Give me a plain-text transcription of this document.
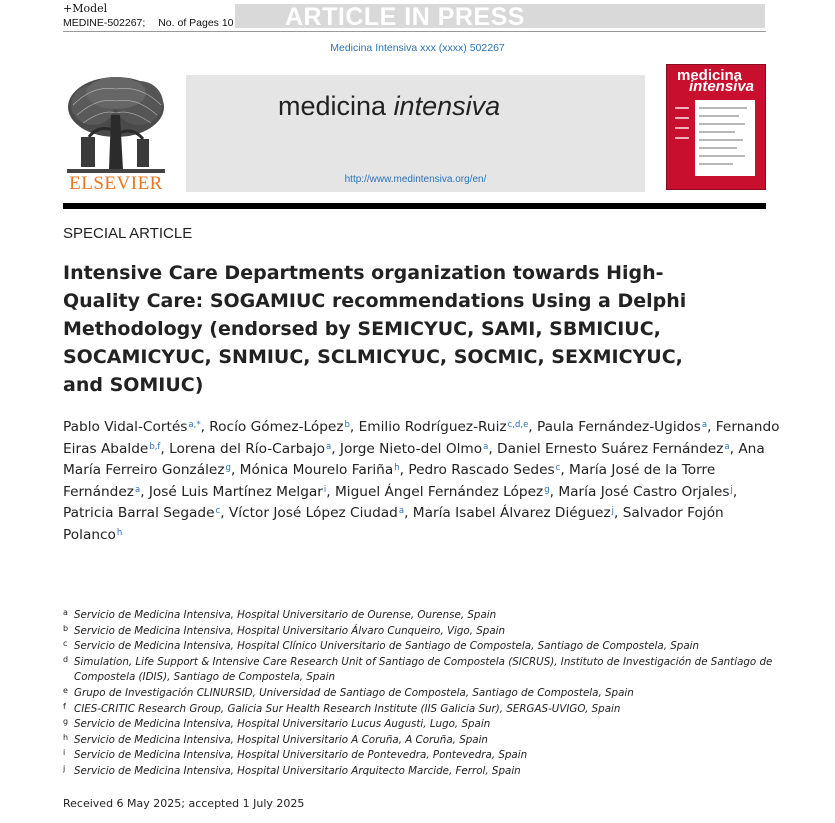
+Model	ARTICLE IN PRESS
MEDINE-502267; No. of Pages 10
Medicina Intensiva xxx (xxxx) 502267
ELSEVIER
medicina intensiva
http://www.medintensiva.org/en/
medicina
intensiva
SPECIAL ARTICLE
Intensive Care Departments organization towards High-Quality Care: SOGAMIUC recommendations Using a Delphi Methodology (endorsed by SEMICYUC, SAMI, SBMICIUC, SOCAMICYUC, SNMIUC, SCLMICYUC, SOCMIC, SEXMICYUC, and SOMIUC)

Pablo Vidal-Cortés$^{a,*}$, Rocío Gómez-López$^b$, Emilio Rodríguez-Ruiz$^{c,d,e}$, Paula Fernández-Ugidos$^a$, Fernando Eiras Abalde$^{b,f}$, Lorena del Río-Carbajo$^a$, Jorge Nieto-del Olmo$^a$, Daniel Ernesto Suárez Fernández$^a$, Ana María Ferreiro González$^g$, Mónica Mourelo Fariña$^h$, Pedro Rascado Sedes$^c$, María José de la Torre Fernández$^a$, José Luis Martínez Melgar$^i$, Miguel Ángel Fernández López$^g$, María José Castro Orjales$^j$, Patricia Barral Segade$^c$, Víctor José López Ciudad$^a$, María Isabel Álvarez Diéguez$^j$, Salvador Fojón Polanco$^h$

a Servicio de Medicina Intensiva, Hospital Universitario de Ourense, Ourense, Spain
b Servicio de Medicina Intensiva, Hospital Universitario Álvaro Cunqueiro, Vigo, Spain
c Servicio de Medicina Intensiva, Hospital Clínico Universitario de Santiago de Compostela, Santiago de Compostela, Spain
d Simulation, Life Support & Intensive Care Research Unit of Santiago de Compostela (SICRUS), Instituto de Investigación de Santiago de Compostela (IDIS), Santiago de Compostela, Spain
e Grupo de Investigación CLINURSID, Universidad de Santiago de Compostela, Santiago de Compostela, Spain
f CIES-CRITIC Research Group, Galicia Sur Health Research Institute (IIS Galicia Sur), SERGAS-UVIGO, Spain
g Servicio de Medicina Intensiva, Hospital Universitario Lucus Augusti, Lugo, Spain
h Servicio de Medicina Intensiva, Hospital Universitario A Coruña, A Coruña, Spain
i Servicio de Medicina Intensiva, Hospital Universitario de Pontevedra, Pontevedra, Spain
j Servicio de Medicina Intensiva, Hospital Universitario Arquitecto Marcide, Ferrol, Spain
Received 6 May 2025; accepted 1 July 2025
